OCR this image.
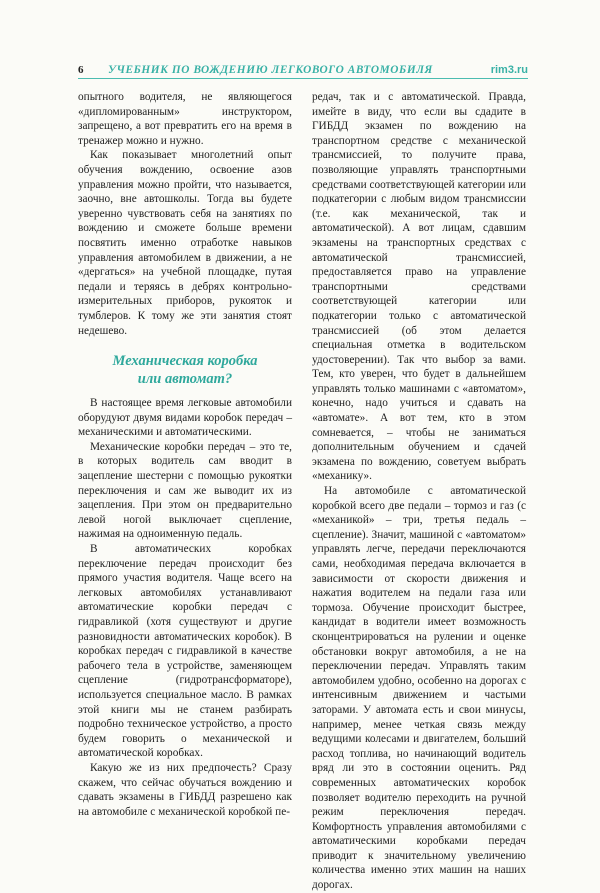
6	УЧЕБНИК ПО ВОЖДЕНИЮ ЛЕГКОВОГО АВТОМОБИЛЯ	rim3.ru

опытного водителя, не являющегося «дипломированным» инструктором, запрещено, а вот превратить его на время в тренажер можно и нужно.

Как показывает многолетний опыт обучения вождению, освоение азов управления можно пройти, что называется, заочно, вне автошколы. Тогда вы будете уверенно чувствовать себя на занятиях по вождению и сможете больше времени посвятить именно отработке навыков управления автомобилем в движении, а не «дергаться» на учебной площадке, путая педали и теряясь в дебрях контрольно-измерительных приборов, рукояток и тумблеров. К тому же эти занятия стоят недешево.

Механическая коробка
или автомат?

В настоящее время легковые автомобили оборудуют двумя видами коробок передач – механическими и автоматическими.

Механические коробки передач – это те, в которых водитель сам вводит в зацепление шестерни с помощью рукоятки переключения и сам же выводит их из зацепления. При этом он предварительно левой ногой выключает сцепление, нажимая на одноименную педаль.

В автоматических коробках переключение передач происходит без прямого участия водителя. Чаще всего на легковых автомобилях устанавливают автоматические коробки передач с гидравликой (хотя существуют и другие разновидности автоматических коробок). В коробках передач с гидравликой в качестве рабочего тела в устройстве, заменяющем сцепление (гидротрансформаторе), используется специальное масло. В рамках этой книги мы не станем разбирать подробно техническое устройство, а просто будем говорить о механической и автоматической коробках.

Какую же из них предпочесть? Сразу скажем, что сейчас обучаться вождению и сдавать экзамены в ГИБДД разрешено как на автомобиле с механической коробкой пе-

редач, так и с автоматической. Правда, имейте в виду, что если вы сдадите в ГИБДД экзамен по вождению на транспортном средстве с механической трансмиссией, то получите права, позволяющие управлять транспортными средствами соответствующей категории или подкатегории с любым видом трансмиссии (т.е. как механической, так и автоматической). А вот лицам, сдавшим экзамены на транспортных средствах с автоматической трансмиссией, предоставляется право на управление транспортными средствами соответствующей категории или подкатегории только с автоматической трансмиссией (об этом делается специальная отметка в водительском удостоверении). Так что выбор за вами. Тем, кто уверен, что будет в дальнейшем управлять только машинами с «автоматом», конечно, надо учиться и сдавать на «автомате». А вот тем, кто в этом сомневается, – чтобы не заниматься дополнительным обучением и сдачей экзамена по вождению, советуем выбрать «механику».

На автомобиле с автоматической коробкой всего две педали – тормоз и газ (с «механикой» – три, третья педаль – сцепление). Значит, машиной с «автоматом» управлять легче, передачи переключаются сами, необходимая передача включается в зависимости от скорости движения и нажатия водителем на педали газа или тормоза. Обучение происходит быстрее, кандидат в водители имеет возможность сконцентрироваться на рулении и оценке обстановки вокруг автомобиля, а не на переключении передач. Управлять таким автомобилем удобно, особенно на дорогах с интенсивным движением и частыми заторами. У автомата есть и свои минусы, например, менее четкая связь между ведущими колесами и двигателем, больший расход топлива, но начинающий водитель вряд ли это в состоянии оценить. Ряд современных автоматических коробок позволяет водителю переходить на ручной режим переключения передач. Комфортность управления автомобилями с автоматическими коробками передач приводит к значительному увеличению количества именно этих машин на наших дорогах.
